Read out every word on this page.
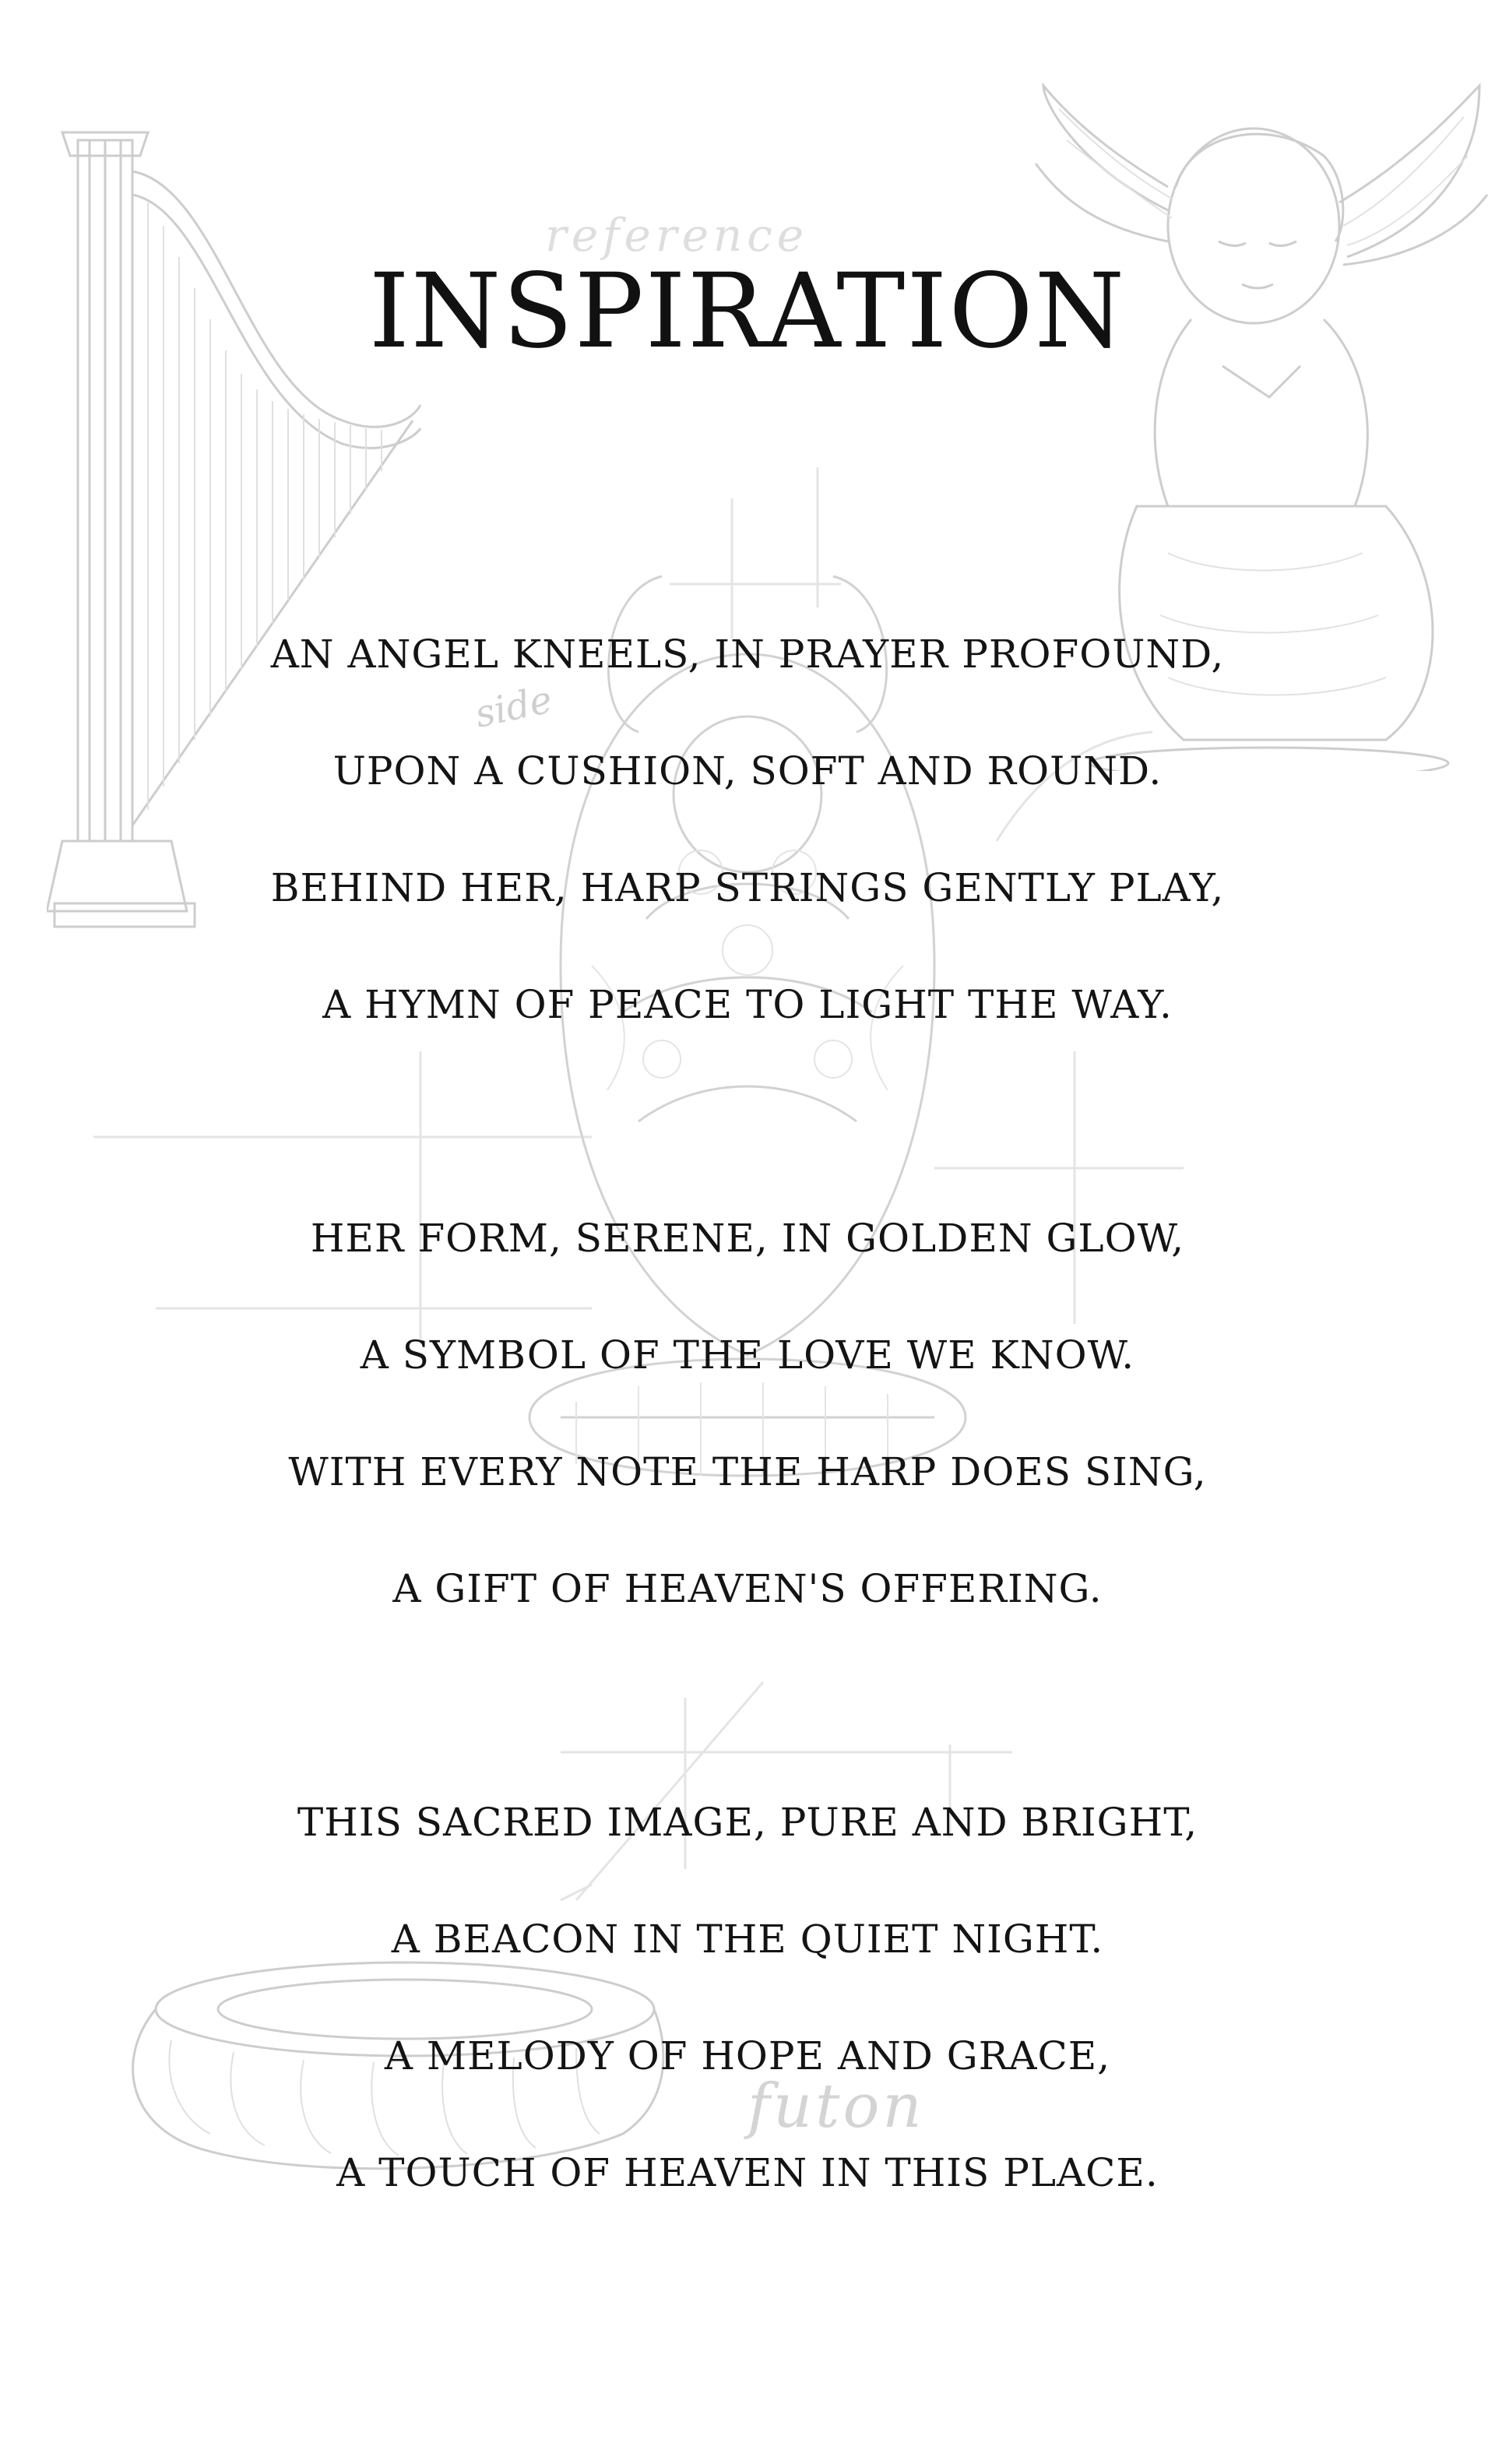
reference
side
futon
INSPIRATION
AN ANGEL KNEELS, IN PRAYER PROFOUND,
UPON A CUSHION, SOFT AND ROUND.
BEHIND HER, HARP STRINGS GENTLY PLAY,
A HYMN OF PEACE TO LIGHT THE WAY.
HER FORM, SERENE, IN GOLDEN GLOW,
A SYMBOL OF THE LOVE WE KNOW.
WITH EVERY NOTE THE HARP DOES SING,
A GIFT OF HEAVEN'S OFFERING.
THIS SACRED IMAGE, PURE AND BRIGHT,
A BEACON IN THE QUIET NIGHT.
A MELODY OF HOPE AND GRACE,
A TOUCH OF HEAVEN IN THIS PLACE.
